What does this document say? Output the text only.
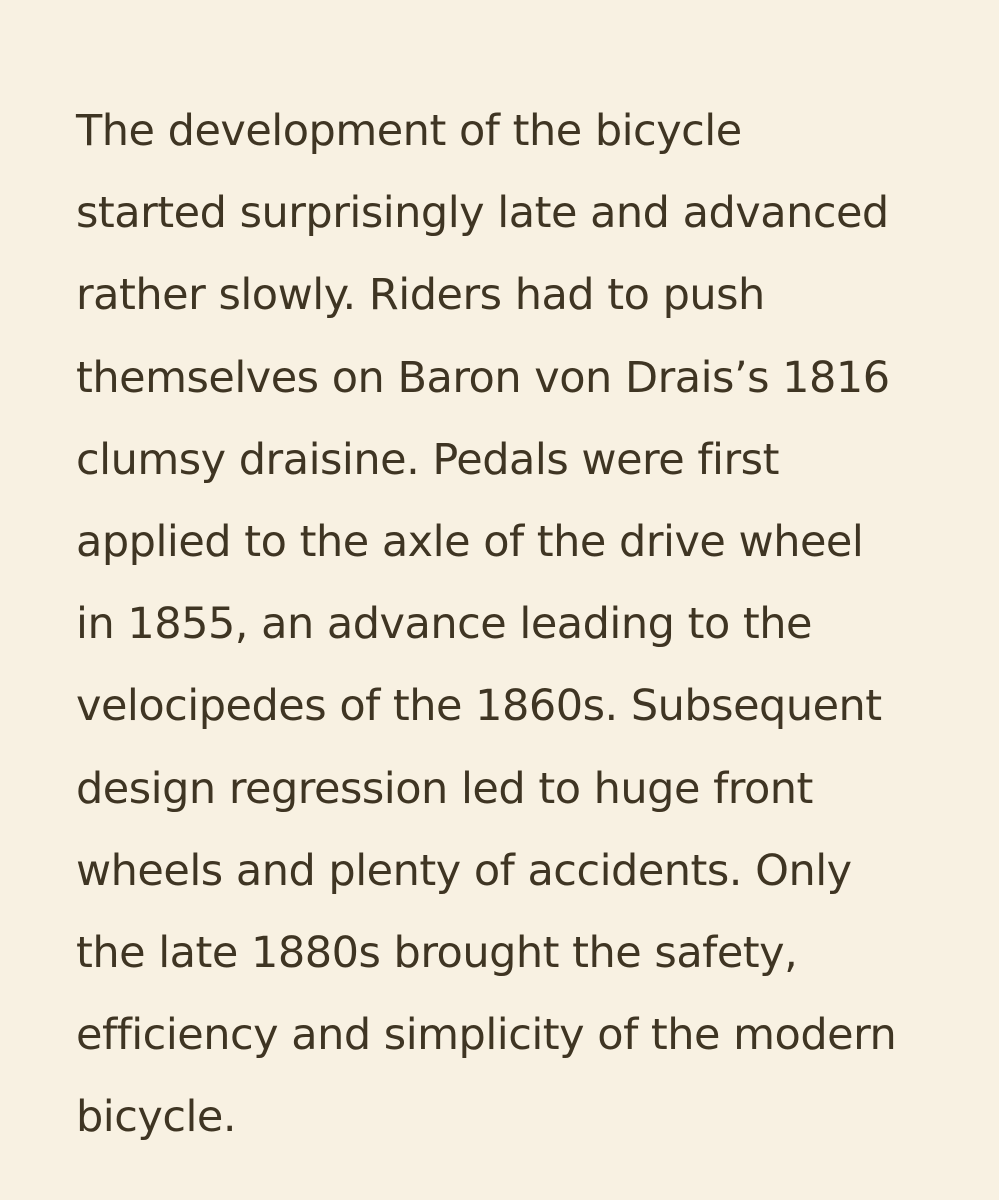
The development of the bicycle
started surprisingly late and advanced
rather slowly. Riders had to push
themselves on Baron von Drais’s 1816
clumsy draisine. Pedals were first
applied to the axle of the drive wheel
in 1855, an advance leading to the
velocipedes of the 1860s. Subsequent
design regression led to huge front
wheels and plenty of accidents. Only
the late 1880s brought the safety,
efficiency and simplicity of the modern
bicycle.
